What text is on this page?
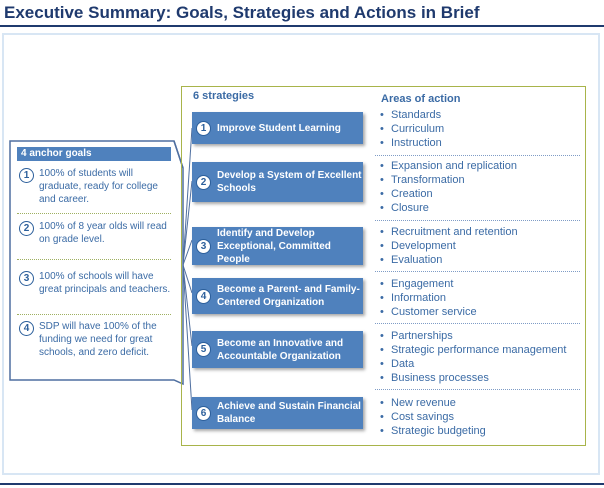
Executive Summary: Goals, Strategies and Actions in Brief
4 anchor goals
1 100% of students will graduate, ready for college and career.
2 100% of 8 year olds will read on grade level.
3 100% of schools will have great principals and teachers.
4 SDP will have 100% of the funding we need for great schools, and zero deficit.
6 strategies	Areas of action
1	Improve Student Learning
• Standards
• Curriculum
• Instruction
2
Develop a System of Excellent Schools
• Expansion and replication
• Transformation
• Creation
• Closure
3
Identify and Develop Exceptional, Committed People
• Recruitment and retention
• Development
• Evaluation
4
Become a Parent- and Family-Centered Organization
• Engagement
• Information
• Customer service
5
Become an Innovative and Accountable Organization
• Partnerships
• Strategic performance management
• Data
• Business processes
6
Achieve and Sustain Financial Balance
• New revenue
• Cost savings
• Strategic budgeting
